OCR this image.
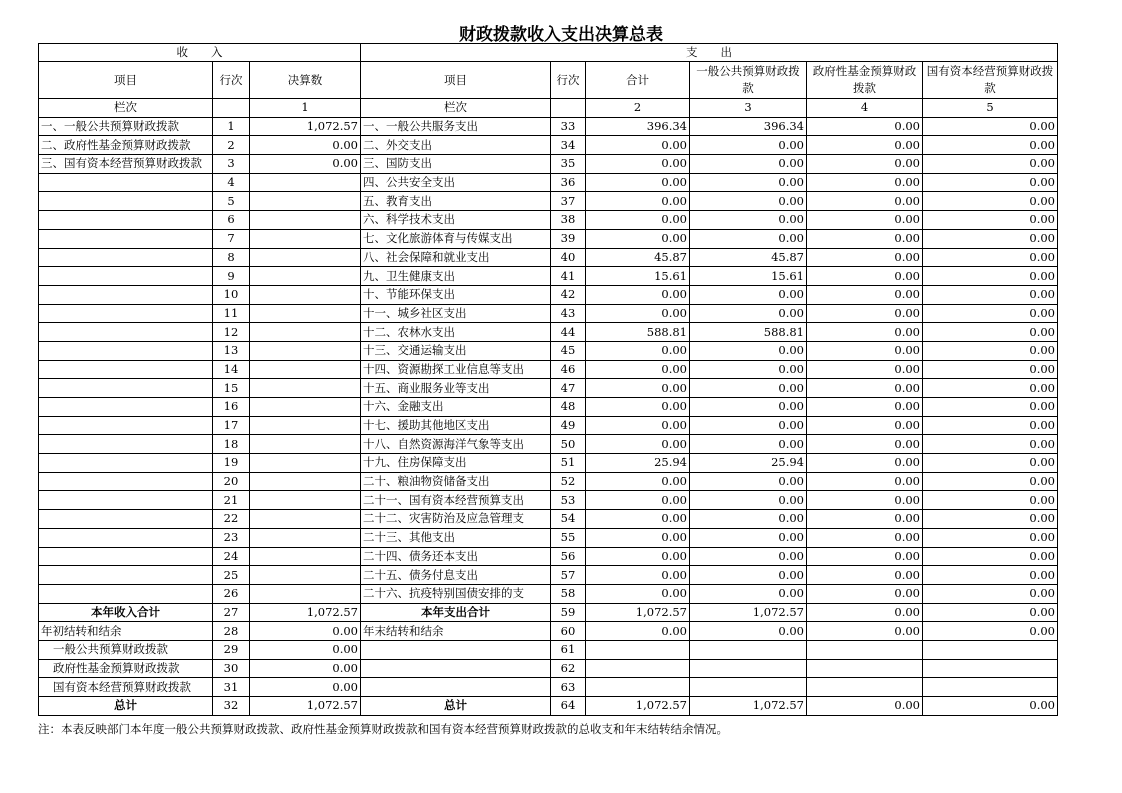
财政拨款收入支出决算总表
收　　入			支　　出					
项目	行次	决算数	项目	行次	合计	一般公共预算财政拨款	政府性基金预算财政拨款	国有资本经营预算财政拨款
栏次		1	栏次		2	3	4	5
一、一般公共预算财政拨款	1	1,072.57	一、一般公共服务支出	33	396.34	396.34	0.00	0.00
二、政府性基金预算财政拨款	2	0.00	二、外交支出	34	0.00	0.00	0.00	0.00
三、国有资本经营预算财政拨款	3	0.00	三、国防支出	35	0.00	0.00	0.00	0.00
	4		四、公共安全支出	36	0.00	0.00	0.00	0.00
	5		五、教育支出	37	0.00	0.00	0.00	0.00
	6		六、科学技术支出	38	0.00	0.00	0.00	0.00
	7		七、文化旅游体育与传媒支出	39	0.00	0.00	0.00	0.00
	8		八、社会保障和就业支出	40	45.87	45.87	0.00	0.00
	9		九、卫生健康支出	41	15.61	15.61	0.00	0.00
	10		十、节能环保支出	42	0.00	0.00	0.00	0.00
	11		十一、城乡社区支出	43	0.00	0.00	0.00	0.00
	12		十二、农林水支出	44	588.81	588.81	0.00	0.00
	13		十三、交通运输支出	45	0.00	0.00	0.00	0.00
	14		十四、资源勘探工业信息等支出	46	0.00	0.00	0.00	0.00
	15		十五、商业服务业等支出	47	0.00	0.00	0.00	0.00
	16		十六、金融支出	48	0.00	0.00	0.00	0.00
	17		十七、援助其他地区支出	49	0.00	0.00	0.00	0.00
	18		十八、自然资源海洋气象等支出	50	0.00	0.00	0.00	0.00
	19		十九、住房保障支出	51	25.94	25.94	0.00	0.00
	20		二十、粮油物资储备支出	52	0.00	0.00	0.00	0.00
	21		二十一、国有资本经营预算支出	53	0.00	0.00	0.00	0.00
	22		二十二、灾害防治及应急管理支	54	0.00	0.00	0.00	0.00
	23		二十三、其他支出	55	0.00	0.00	0.00	0.00
	24		二十四、债务还本支出	56	0.00	0.00	0.00	0.00
	25		二十五、债务付息支出	57	0.00	0.00	0.00	0.00
	26		二十六、抗疫特别国债安排的支	58	0.00	0.00	0.00	0.00
本年收入合计	27	1,072.57	本年支出合计	59	1,072.57	1,072.57	0.00	0.00
年初结转和结余	28	0.00	年末结转和结余	60	0.00	0.00	0.00	0.00
一般公共预算财政拨款	29	0.00		61				
政府性基金预算财政拨款	30	0.00		62				
国有资本经营预算财政拨款	31	0.00		63				
总计	32	1,072.57	总计	64	1,072.57	1,072.57	0.00	0.00
注：本表反映部门本年度一般公共预算财政拨款、政府性基金预算财政拨款和国有资本经营预算财政拨款的总收支和年末结转结余情况。
